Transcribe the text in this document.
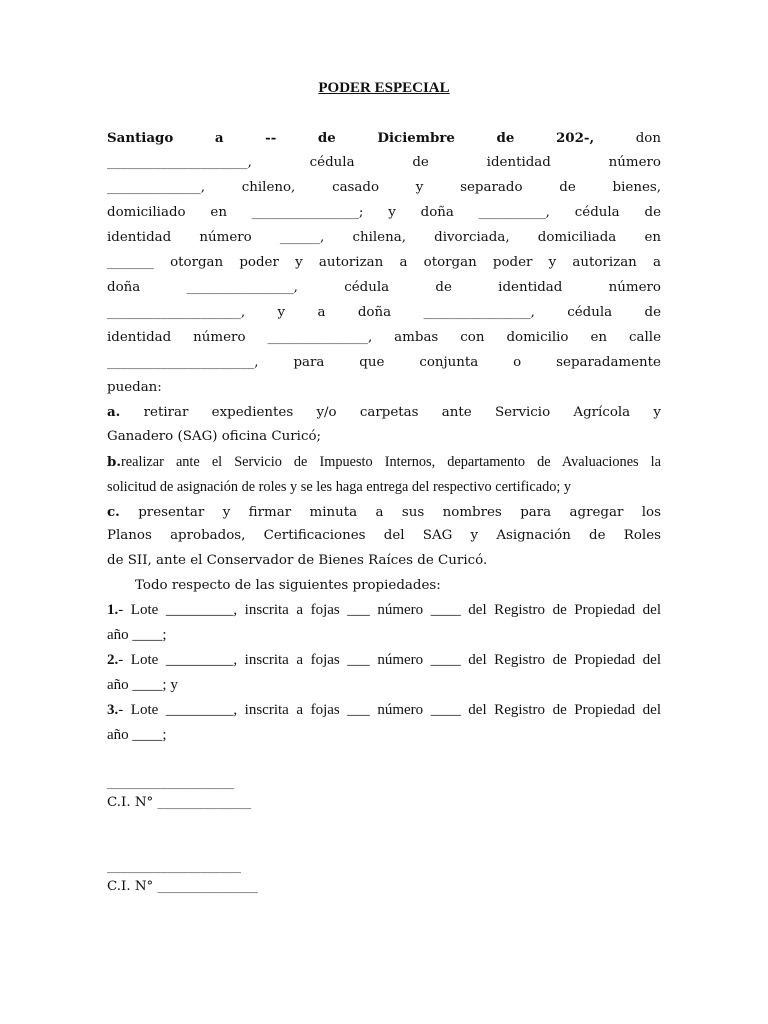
PODER ESPECIAL
Santiago	a	--	de	Diciembre	de	202-,	don
_____________________, cédula de identidad número
______________, chileno, casado y separado de bienes,
domiciliado en ________________; y doña __________, cédula de
identidad número ______, chilena, divorciada, domiciliada en
_______ otorgan poder y autorizan a otorgan poder y autorizan a
doña ________________, cédula de identidad número
____________________, y a doña ________________, cédula de
identidad número _______________, ambas con domicilio en calle
______________________, para que conjunta o separadamente
puedan:
a. retirar expedientes y/o carpetas ante Servicio Agrícola y
Ganadero (SAG) oficina Curicó;
b.realizar ante el Servicio de Impuesto Internos, departamento de Avaluaciones la
solicitud de asignación de roles y se les haga entrega del respectivo certificado; y
c. presentar y firmar minuta a sus nombres para agregar los
Planos aprobados, Certificaciones del SAG y Asignación de Roles
de SII, ante el Conservador de Bienes Raíces de Curicó.
Todo respecto de las siguientes propiedades:
1.- Lote _________, inscrita a fojas ___ número ____ del Registro de Propiedad del
año ____;
2.- Lote _________, inscrita a fojas ___ número ____ del Registro de Propiedad del
año ____; y
3.- Lote _________, inscrita a fojas ___ número ____ del Registro de Propiedad del
año ____;
___________________
C.I. N° ______________
____________________
C.I. N° _______________
